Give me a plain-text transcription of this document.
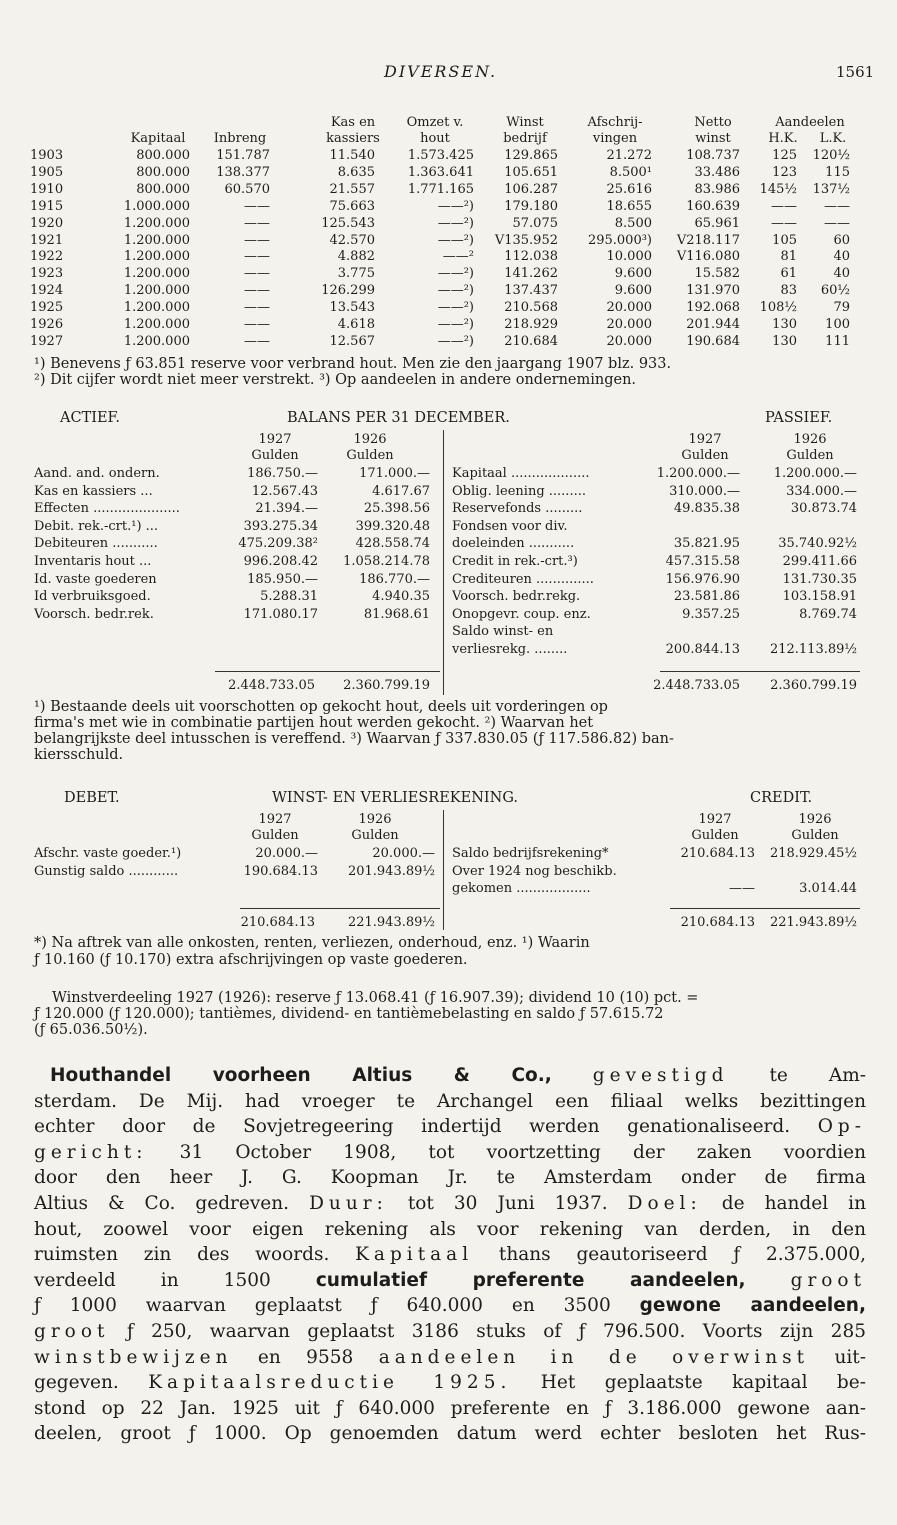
DIVERSEN.	1561
Kas en	Omzet v.	Winst	Afschrij-	Netto	Aandeelen
Kapitaal	Inbreng	kassiers	hout	bedrijf	vingen	winst	H.K.	L.K.
1903	800.000	151.787	11.540	1.573.425	129.865	21.272	108.737	125	120½
1905	800.000	138.377	8.635	1.363.641	105.651	8.500¹	33.486	123	115
1910	800.000	60.570	21.557	1.771.165	106.287	25.616	83.986	145½	137½
1915	1.000.000	——	75.663	——²)	179.180	18.655	160.639	——	——
1920	1.200.000	——	125.543	——²)	57.075	8.500	65.961	——	——
1921	1.200.000	——	42.570	——²)	V135.952	295.000³)	V218.117	105	60
1922	1.200.000	——	4.882	——²	112.038	10.000	V116.080	81	40
1923	1.200.000	——	3.775	——²)	141.262	9.600	15.582	61	40
1924	1.200.000	——	126.299	——²)	137.437	9.600	131.970	83	60½
1925	1.200.000	——	13.543	——²)	210.568	20.000	192.068	108½	79
1926	1.200.000	——	4.618	——²)	218.929	20.000	201.944	130	100
1927	1.200.000	——	12.567	——²)	210.684	20.000	190.684	130	111
¹) Benevens ƒ 63.851 reserve voor verbrand hout. Men zie den jaargang 1907 blz. 933.
²) Dit cijfer wordt niet meer verstrekt. ³) Op aandeelen in andere ondernemingen.
ACTIEF.	BALANS PER 31 DECEMBER.	PASSIEF.
1927	1926
Gulden	Gulden
1927	1926
Gulden	Gulden
Aand. and. ondern.	186.750.—	171.000.—
Kas en kassiers ...	12.567.43	4.617.67
Effecten .....................	21.394.—	25.398.56
Debit. rek.-crt.¹) ...	393.275.34	399.320.48
Debiteuren ...........	475.209.38²	428.558.74
Inventaris hout ...	996.208.42	1.058.214.78
Id. vaste goederen	185.950.—	186.770.—
Id verbruiksgoed.	5.288.31	4.940.35
Voorsch. bedr.rek.	171.080.17	81.968.61
Kapitaal ...................	1.200.000.—	1.200.000.—
Oblig. leening .........	310.000.—	334.000.—
Reservefonds .........	49.835.38	30.873.74
Fondsen voor div.
doeleinden ...........	35.821.95	35.740.92½
Credit in rek.-crt.³)	457.315.58	299.411.66
Crediteuren ..............	156.976.90	131.730.35
Voorsch. bedr.rekg.	23.581.86	103.158.91
Onopgevr. coup. enz.	9.357.25	8.769.74
Saldo winst- en
verliesrekg. ........	200.844.13	212.113.89½
2.448.733.05	2.360.799.19	2.448.733.05	2.360.799.19
¹) Bestaande deels uit voorschotten op gekocht hout, deels uit vorderingen op
firma's met wie in combinatie partijen hout werden gekocht. ²) Waarvan het
belangrijkste deel intusschen is vereffend. ³) Waarvan ƒ 337.830.05 (ƒ 117.586.82) ban-
kiersschuld.
DEBET.	WINST- EN VERLIESREKENING.	CREDIT.
1927	1926
Gulden	Gulden
1927	1926
Gulden	Gulden
Afschr. vaste goeder.¹)	20.000.—	20.000.—
Gunstig saldo ............	190.684.13	201.943.89½
Saldo bedrijfsrekening*	210.684.13	218.929.45½
Over 1924 nog beschikb.
gekomen ..................	——	3.014.44
210.684.13	221.943.89½	210.684.13	221.943.89½
*) Na aftrek van alle onkosten, renten, verliezen, onderhoud, enz. ¹) Waarin
ƒ 10.160 (ƒ 10.170) extra afschrijvingen op vaste goederen.
Winstverdeeling 1927 (1926): reserve ƒ 13.068.41 (ƒ 16.907.39); dividend 10 (10) pct. =
ƒ 120.000 (ƒ 120.000); tantièmes, dividend- en tantièmebelasting en saldo ƒ 57.615.72
(ƒ 65.036.50½).
Houthandel voorheen Altius & Co., gevestigd te Am-
sterdam. De Mij. had vroeger te Archangel een filiaal welks bezittingen
echter door de Sovjetregeering indertijd werden genationaliseerd. Op-
gericht: 31 October 1908, tot voortzetting der zaken voordien
door den heer J. G. Koopman Jr. te Amsterdam onder de firma
Altius & Co. gedreven. Duur: tot 30 Juni 1937. Doel: de handel in
hout, zoowel voor eigen rekening als voor rekening van derden, in den
ruimsten zin des woords. Kapitaal thans geautoriseerd ƒ 2.375.000,
verdeeld in 1500 cumulatief preferente aandeelen, groot
ƒ 1000 waarvan geplaatst ƒ 640.000 en 3500 gewone aandeelen,
groot ƒ 250, waarvan geplaatst 3186 stuks of ƒ 796.500. Voorts zijn 285
winstbewijzen en 9558 aandeelen in de overwinst uit-
gegeven. Kapitaalsreductie 1925. Het geplaatste kapitaal be-
stond op 22 Jan. 1925 uit ƒ 640.000 preferente en ƒ 3.186.000 gewone aan-
deelen, groot ƒ 1000. Op genoemden datum werd echter besloten het Rus-
